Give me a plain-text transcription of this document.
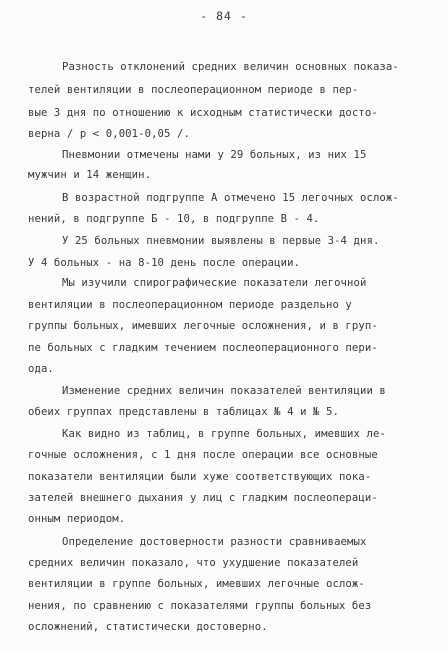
- 84 -
Разность отклонений средних величин основных показа-
телей вентиляции в послеоперационном периоде в пер-
вые 3 дня по отношению к исходным статистически досто-
верна / р < 0,001-0,05 /.
Пневмонии отмечены нами у 29 больных, из них 15
мужчин и 14 женщин.
В возрастной подгруппе А отмечено 15 легочных ослож-
нений, в подгруппе Б - 10, в подгруппе В - 4.
У 25 больных пневмонии выявлены в первые 3-4 дня.
У 4 больных - на 8-10 день после операции.
Мы изучили спирографические показатели легочной
вентиляции в послеоперационном периоде раздельно у
группы больных, имевших легочные осложнения, и в груп-
пе больных с гладким течением послеоперационного пери-
ода.
Изменение средних величин показателей вентиляции в
обеих группах представлены в таблицах № 4 и № 5.
Как видно из таблиц, в группе больных, имевших ле-
гочные осложнения, с 1 дня после операции все основные
показатели вентиляции были хуже соответствующих пока-
зателей внешнего дыхания у лиц с гладким послеопераци-
онным периодом.
Определение достоверности разности сравниваемых
средних величин показало, что ухудшение показателей
вентиляции в группе больных, имевших легочные ослож-
нения, по сравнению с показателями группы больных без
осложнений, статистически достоверно.
